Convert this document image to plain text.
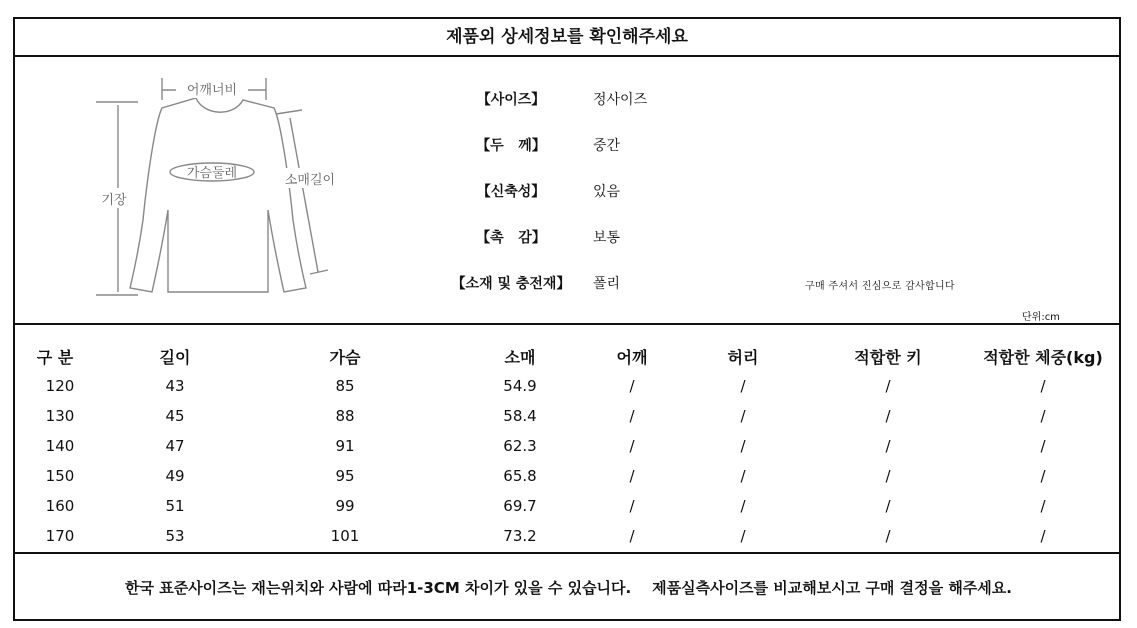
제품외 상세정보를 확인해주세요
어깨너비
가슴둘레	소매길이
기장
【사이즈】	정사이즈
【두   께】	중간
【신축성】	있음
【촉   감】	보통
【소재 및 충전재】	폴리	구매 주셔서 진심으로 감사합니다
단위:cm
구 분	길이	가슴	소매	어깨	허리	적합한 키	적합한 체중(kg)
120	43	85	54.9	/	/	/	/
130	45	88	58.4	/	/	/	/
140	47	91	62.3	/	/	/	/
150	49	95	65.8	/	/	/	/
160	51	99	69.7	/	/	/	/
170	53	101	73.2	/	/	/	/
한국 표준사이즈는 재는위치와 사람에 따라1-3CM 차이가 있을 수 있습니다.    제품실측사이즈를 비교해보시고 구매 결정을 해주세요.
